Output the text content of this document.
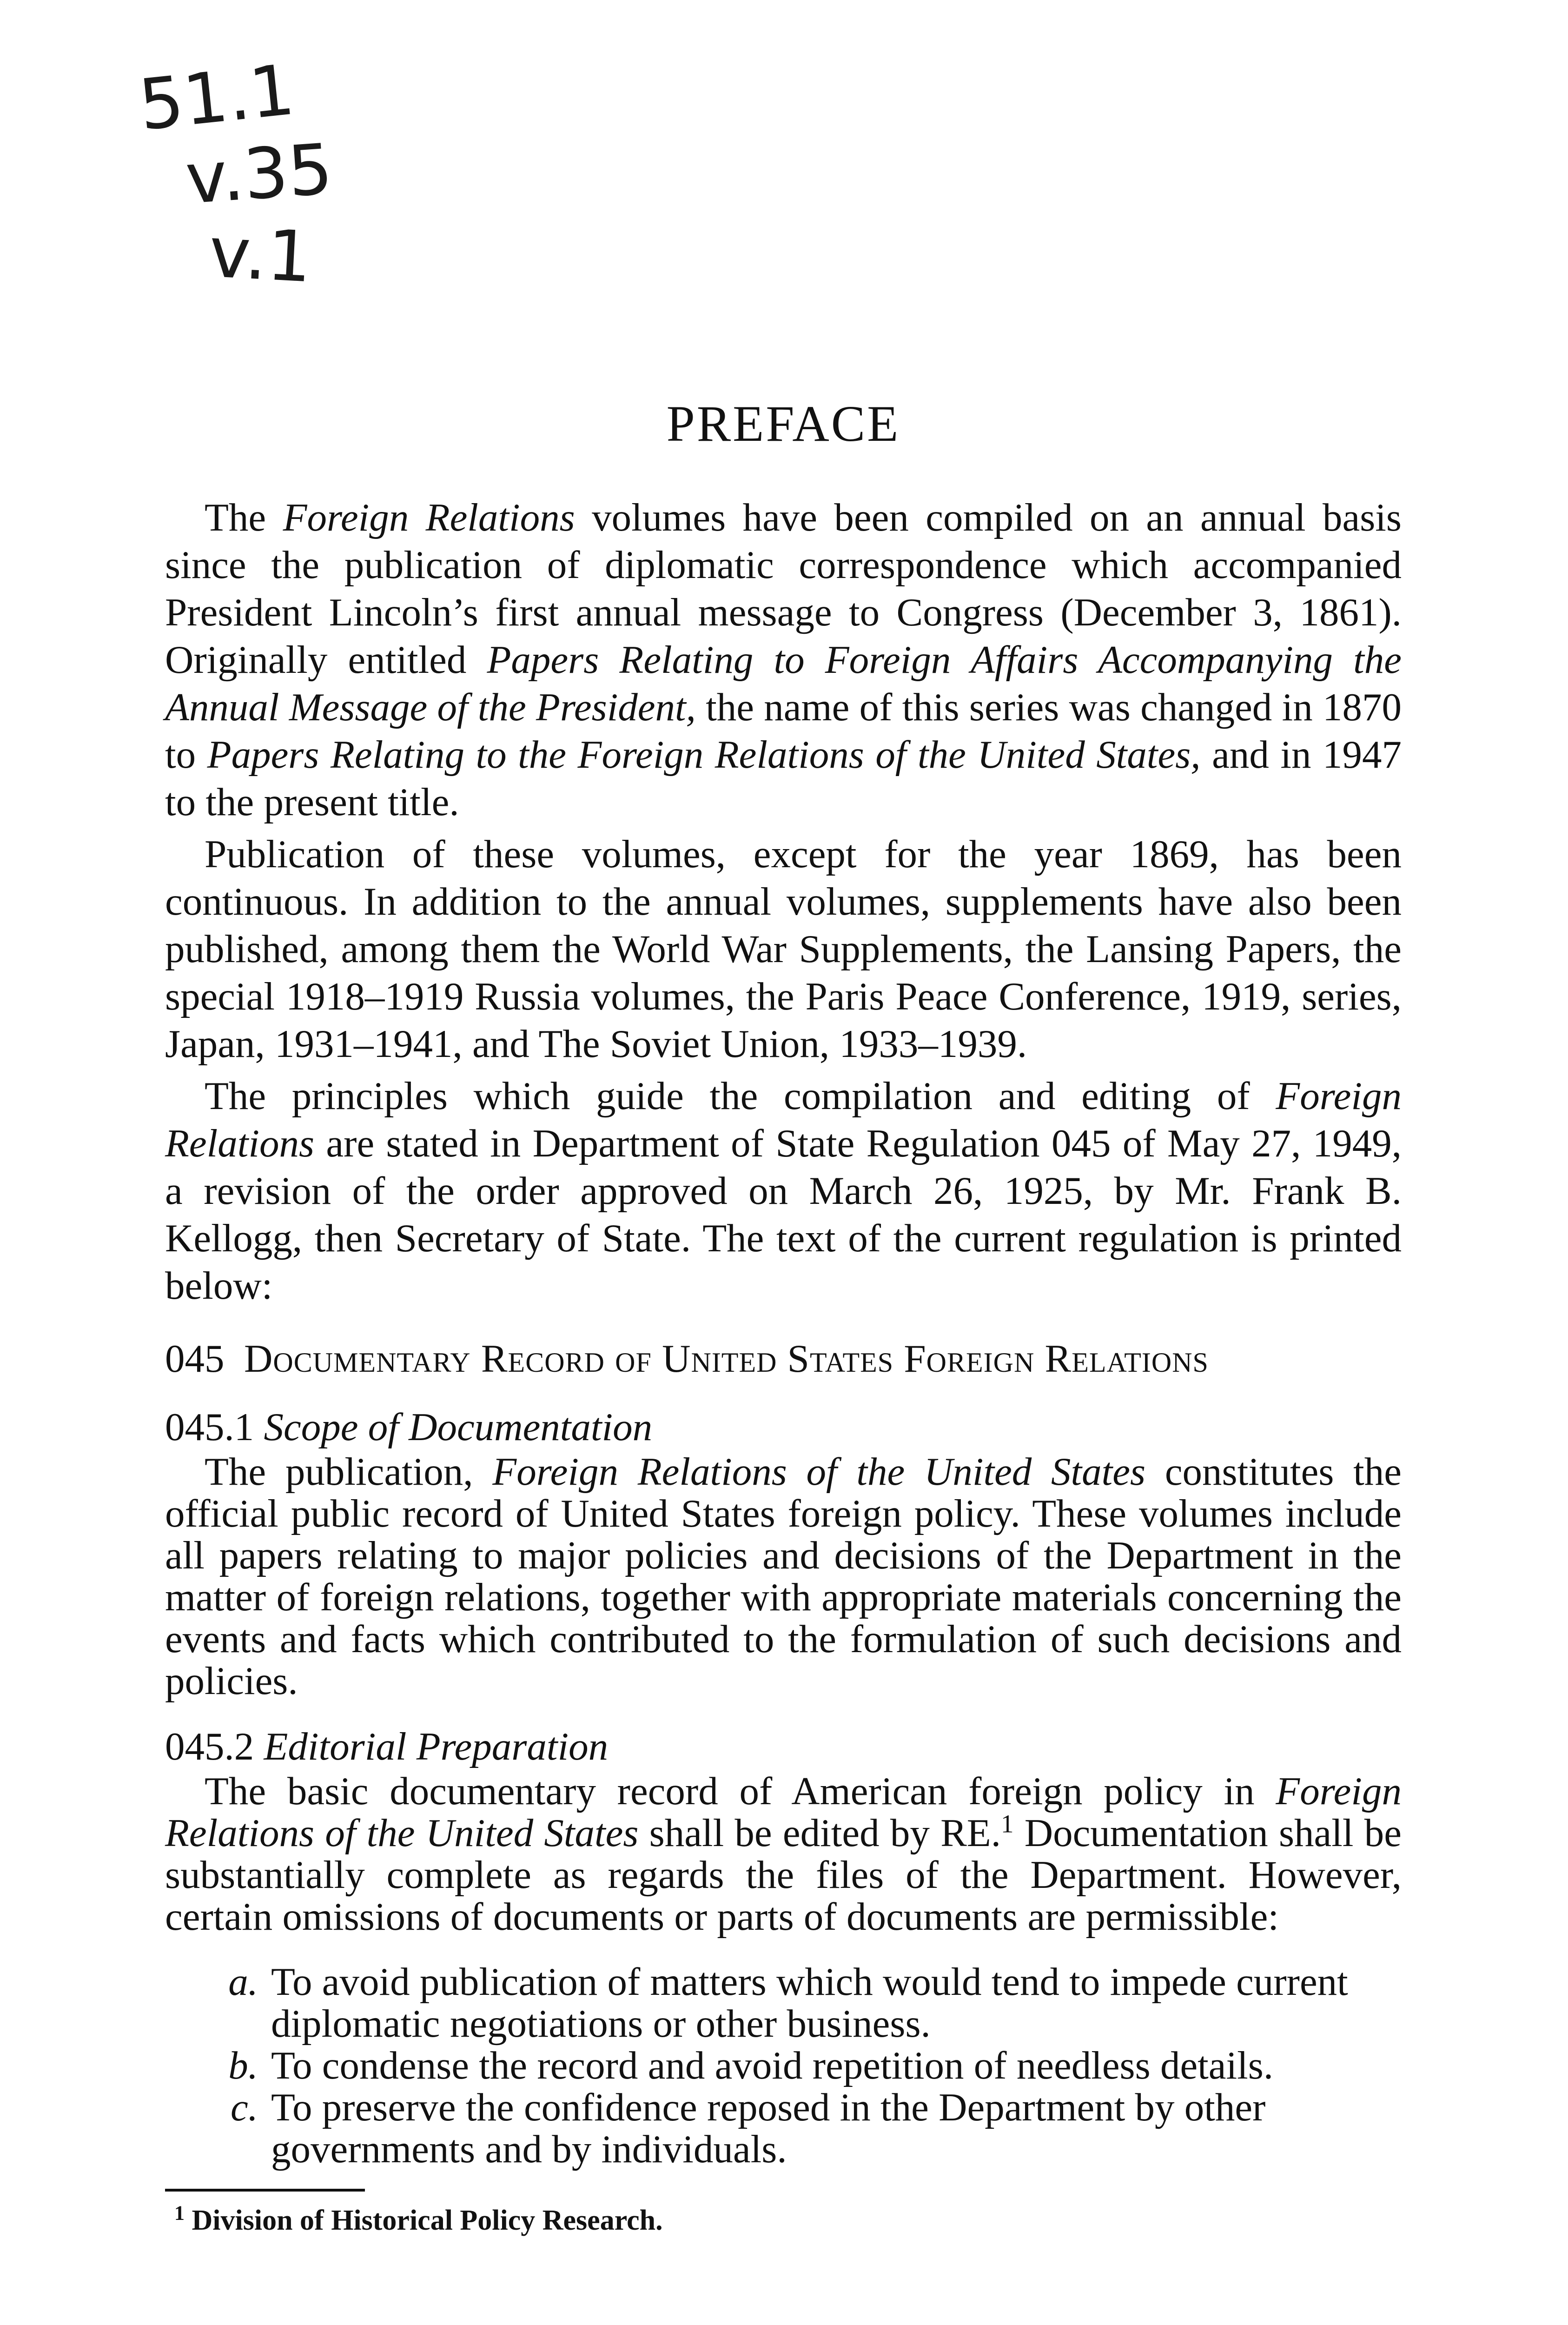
51.1
v.35
v.1
PREFACE

The Foreign Relations volumes have been compiled on an annual basis since the publication of diplomatic correspondence which accompanied President Lincoln’s first annual message to Congress (December 3, 1861). Originally entitled Papers Relating to Foreign Affairs Accompanying the Annual Message of the President, the name of this series was changed in 1870 to Papers Relating to the Foreign Relations of the United States, and in 1947 to the present title.

Publication of these volumes, except for the year 1869, has been continuous. In addition to the annual volumes, supplements have also been published, among them the World War Supplements, the Lansing Papers, the special 1918–1919 Russia volumes, the Paris Peace Conference, 1919, series, Japan, 1931–1941, and The Soviet Union, 1933–1939.

The principles which guide the compilation and editing of Foreign Relations are stated in Department of State Regulation 045 of May 27, 1949, a revision of the order approved on March 26, 1925, by Mr. Frank B. Kellogg, then Secretary of State. The text of the current regulation is printed below:

045 Documentary Record of United States Foreign Relations
045.1 Scope of Documentation

The publication, Foreign Relations of the United States constitutes the official public record of United States foreign policy. These volumes include all papers relating to major policies and decisions of the Department in the matter of foreign relations, together with appropriate materials concerning the events and facts which contributed to the formulation of such decisions and policies.

045.2 Editorial Preparation

The basic documentary record of American foreign policy in Foreign Relations of the United States shall be edited by RE.$^1$ Documentation shall be substantially complete as regards the files of the Department. However, certain omissions of documents or parts of documents are permissible:

a. To avoid publication of matters which would tend to impede current diplomatic negotiations or other business.
b. To condense the record and avoid repetition of needless details.
c. To preserve the confidence reposed in the Department by other governments and by individuals.
$^1$ Division of Historical Policy Research.
